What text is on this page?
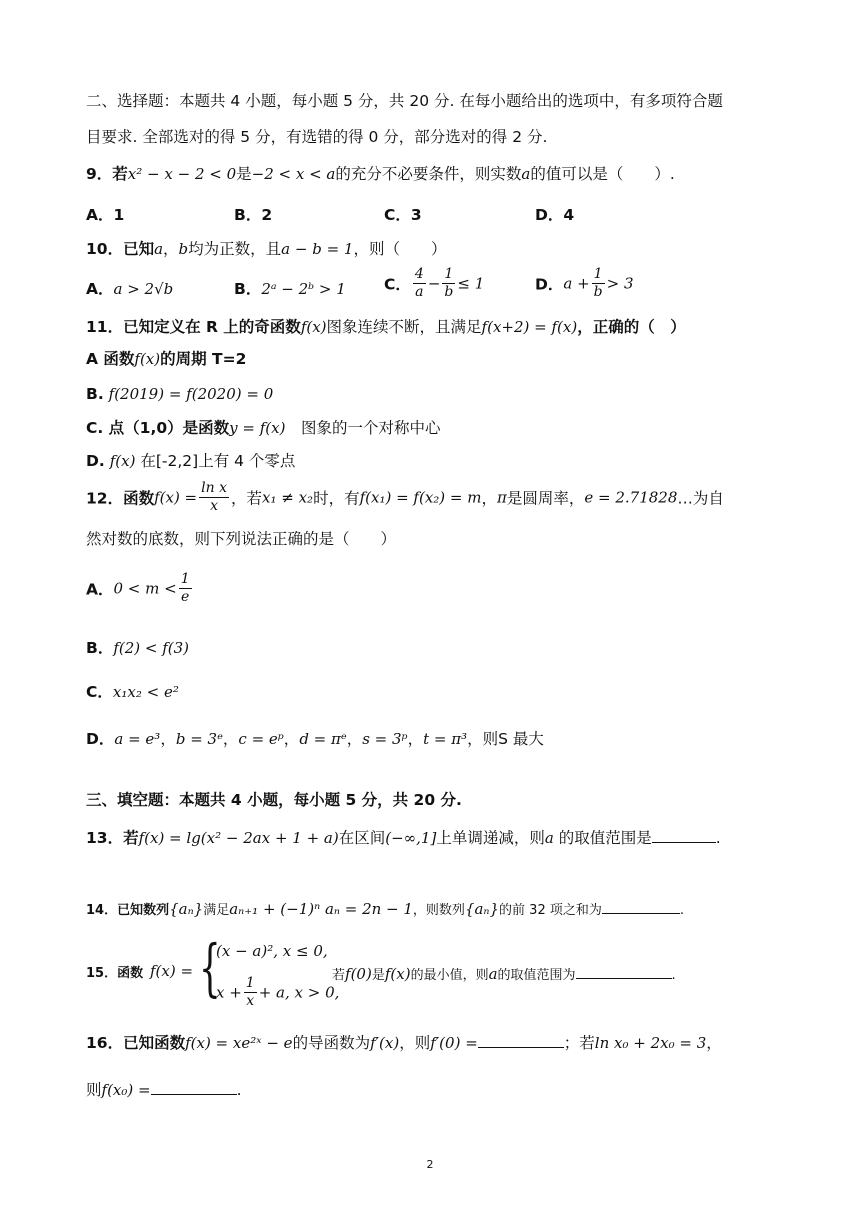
二、选择题：本题共 4 小题，每小题 5 分，共 20 分. 在每小题给出的选项中，有多项符合题
目要求. 全部选对的得 5 分，有选错的得 0 分，部分选对的得 2 分.
9．若x² − x − 2 < 0是−2 < x < a的充分不必要条件，则实数a的值可以是（　　）.
A．1	B．2	C．3	D．4
10．已知a，b均为正数，且a − b = 1，则（　　）
A．a > 2√b	B．2ᵃ − 2ᵇ > 1 C． $\frac{4}{a} - \frac{1}{b} \le 1$	D．$a + \frac{1}{b} > 3$
11．已知定义在 R 上的奇函数f(x)图象连续不断，且满足f(x+2) = f(x)，正确的（　）
A 函数f(x)的周期 T=2
B. f(2019) = f(2020) = 0
C. 点（1,0）是函数y = f(x)　 图象的一个对称中心
D. f(x) 在[-2,2]上有 4 个零点
12．函数$f(x) = \frac{\text{ln x}}{x}$ ，若x₁ ≠ x₂时，有f(x₁) = f(x₂) = m，π是圆周率，e = 2.71828…为自
然对数的底数，则下列说法正确的是（　　）
A．$0 < m < \frac{1}{e}$
B．f(2) < f(3)
C．x₁x₂ < e²
D．a = e³，b = 3ᵉ，c = eᵖ，d = πᵉ，s = 3ᵖ，t = π³，则S 最大
三、填空题：本题共 4 小题，每小题 5 分，共 20 分.
13．若f(x) = lg(x² − 2ax + 1 + a)在区间(−∞,1]上单调递减，则a 的取值范围是	.
14．已知数列{aₙ}满足aₙ₊₁ + (−1)ⁿ aₙ = 2n − 1，则数列{aₙ}的前 32 项之和为	.
15．函数 f(x) = {
(x − a)², x ≤ 0,
$x + \frac{1}{x} + a$, x > 0,
若f(0)是f(x)的最小值，则a的取值范围为	.
16．已知函数f(x) = xe²ˣ − e的导函数为f′(x)，则f′(0) =	；若ln x₀ + 2x₀ = 3，
则f(x₀) =	.
2
